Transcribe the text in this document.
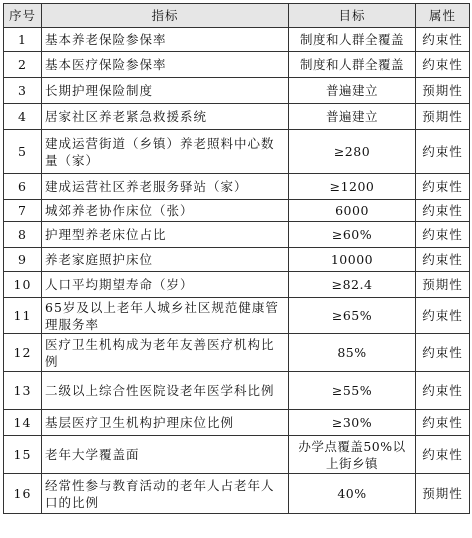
序号	指标	目标	属性
1	基本养老保险参保率	制度和人群全覆盖	约束性
2	基本医疗保险参保率	制度和人群全覆盖	约束性
3	长期护理保险制度	普遍建立	预期性
4	居家社区养老紧急救援系统	普遍建立	预期性
5	建成运营街道（乡镇）养老照料中心数量（家）	≥280	约束性
6	建成运营社区养老服务驿站（家）	≥1200	约束性
7	城郊养老协作床位（张）	6000	约束性
8	护理型养老床位占比	≥60%	约束性
9	养老家庭照护床位	10000	约束性
10	人口平均期望寿命（岁）	≥82.4	预期性
11	65岁及以上老年人城乡社区规范健康管理服务率	≥65%	约束性
12	医疗卫生机构成为老年友善医疗机构比例	85%	约束性
13	二级以上综合性医院设老年医学科比例	≥55%	约束性
14	基层医疗卫生机构护理床位比例	≥30%	约束性
15	老年大学覆盖面	办学点覆盖50%以上街乡镇	约束性
16	经常性参与教育活动的老年人占老年人口的比例	40%	预期性
